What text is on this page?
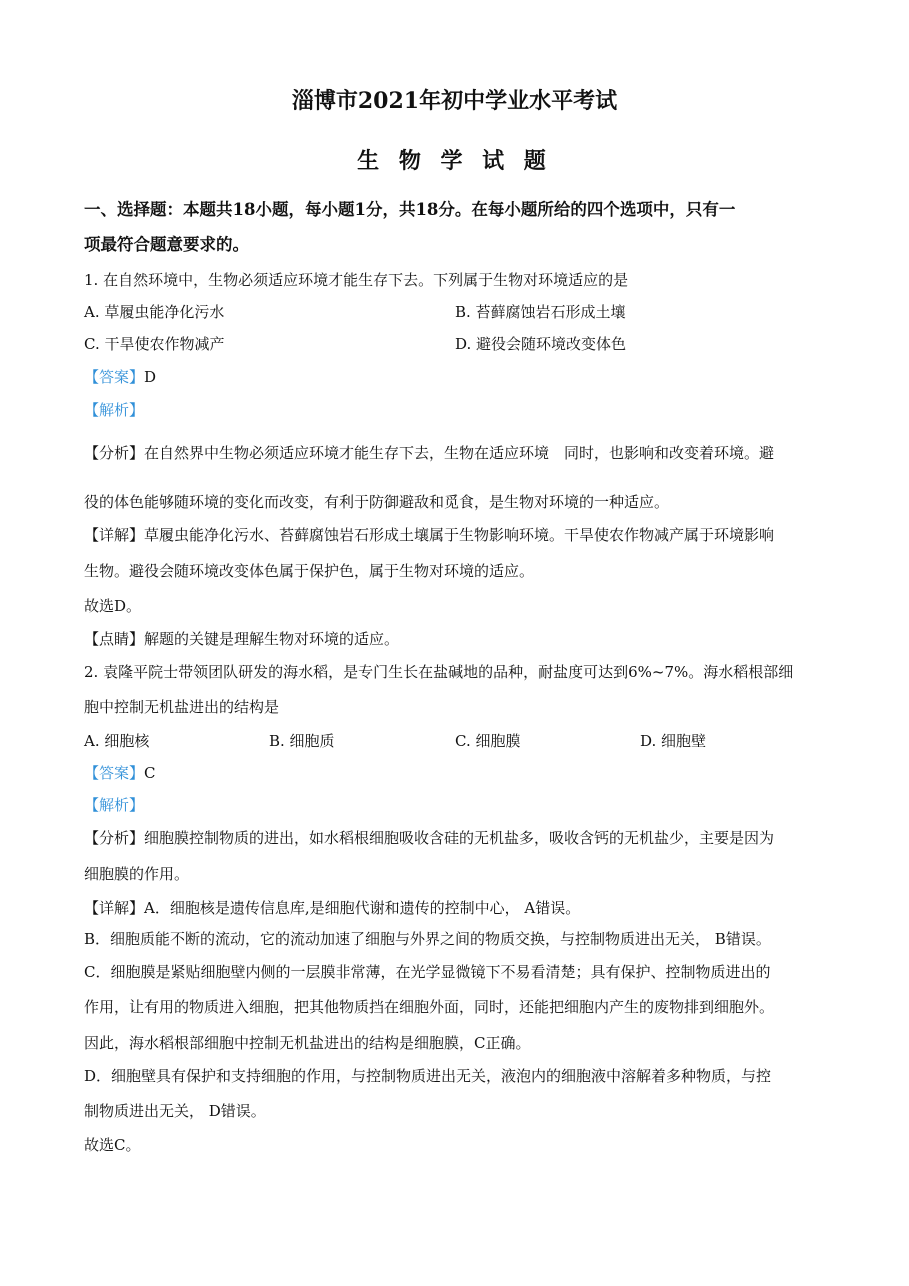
淄博市2021年初中学业水平考试
生 物 学 试 题
一、选择题：本题共18小题，每小题1分，共18分。在每小题所给的四个选项中，只有一
项最符合题意要求的。
1. 在自然环境中，生物必须适应环境才能生存下去。下列属于生物对环境适应的是
A. 草履虫能净化污水	B. 苔藓腐蚀岩石形成土壤
C. 干旱使农作物减产	D. 避役会随环境改变体色
【答案】D
【解析】
【分析】在自然界中生物必须适应环境才能生存下去，生物在适应环境　同时，也影响和改变着环境。避
役的体色能够随环境的变化而改变，有利于防御避敌和觅食，是生物对环境的一种适应。
【详解】草履虫能净化污水、苔藓腐蚀岩石形成土壤属于生物影响环境。干旱使农作物减产属于环境影响
生物。避役会随环境改变体色属于保护色，属于生物对环境的适应。
故选D。
【点睛】解题的关键是理解生物对环境的适应。
2. 袁隆平院士带领团队研发的海水稻，是专门生长在盐碱地的品种，耐盐度可达到6%~7%。海水稻根部细
胞中控制无机盐进出的结构是
A. 细胞核	B. 细胞质	C. 细胞膜	D. 细胞壁
【答案】C
【解析】
【分析】细胞膜控制物质的进出，如水稻根细胞吸收含硅的无机盐多，吸收含钙的无机盐少，主要是因为
细胞膜的作用。
【详解】A．细胞核是遗传信息库,是细胞代谢和遗传的控制中心， A错误。
B．细胞质能不断的流动，它的流动加速了细胞与外界之间的物质交换，与控制物质进出无关， B错误。
C．细胞膜是紧贴细胞壁内侧的一层膜非常薄，在光学显微镜下不易看清楚；具有保护、控制物质进出的
作用，让有用的物质进入细胞，把其他物质挡在细胞外面，同时，还能把细胞内产生的废物排到细胞外。
因此，海水稻根部细胞中控制无机盐进出的结构是细胞膜，C正确。
D．细胞壁具有保护和支持细胞的作用，与控制物质进出无关，液泡内的细胞液中溶解着多种物质，与控
制物质进出无关， D错误。
故选C。
